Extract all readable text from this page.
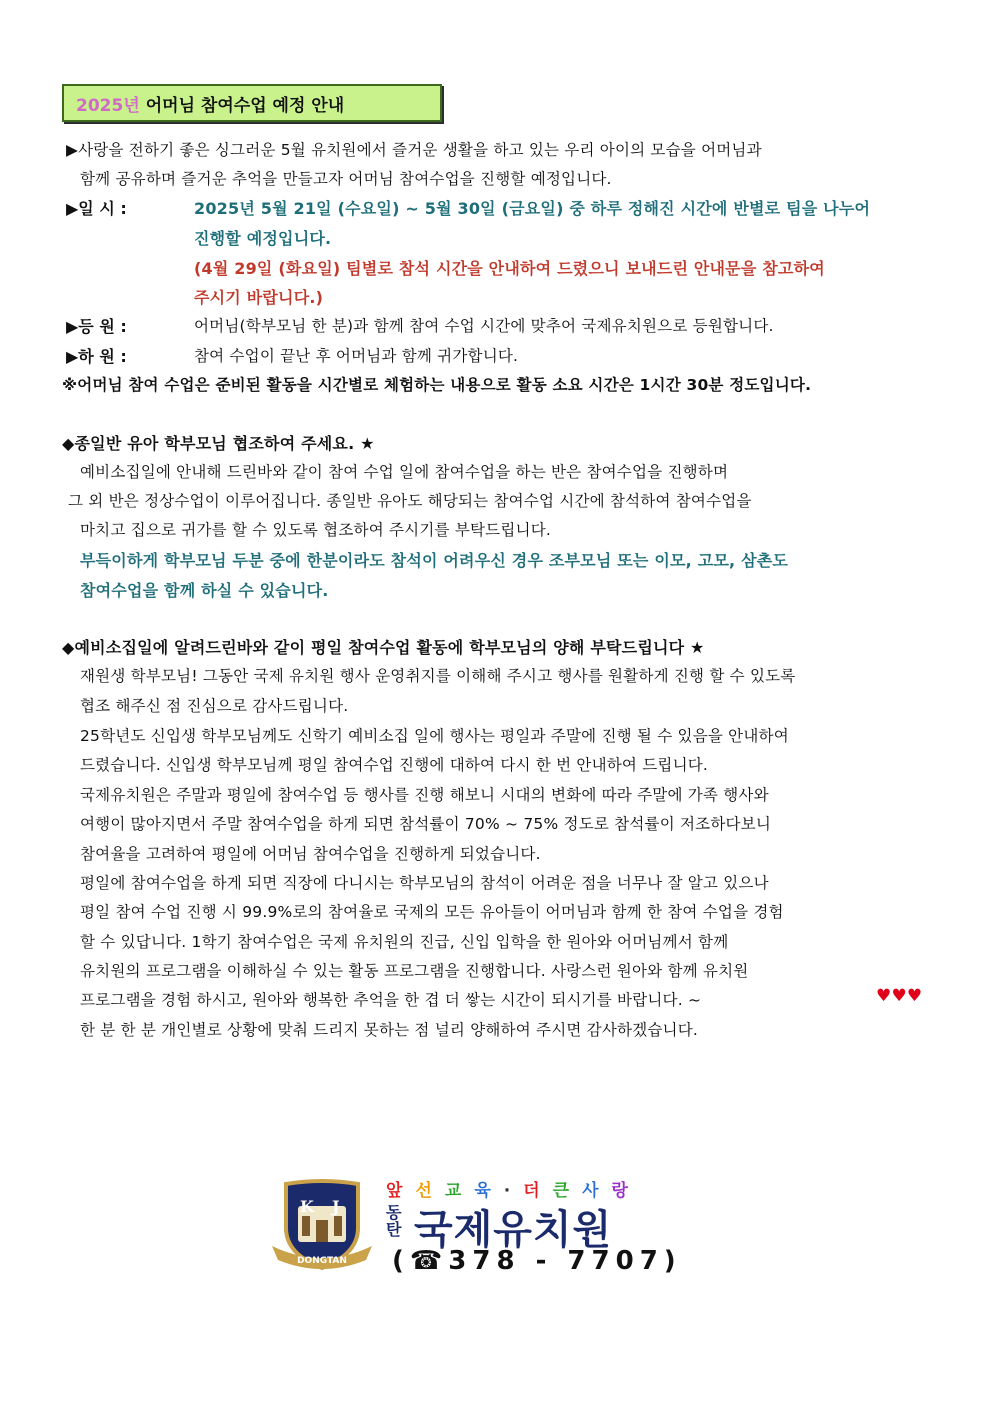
2025년 어머님 참여수업 예정 안내
▶사랑을 전하기 좋은 싱그러운 5월 유치원에서 즐거운 생활을 하고 있는 우리 아이의 모습을 어머님과
함께 공유하며 즐거운 추억을 만들고자 어머님 참여수업을 진행할 예정입니다.
▶일 시 :	2025년 5월 21일 (수요일) ~ 5월 30일 (금요일) 중 하루 정해진 시간에 반별로 팀을 나누어
진행할 예정입니다.
(4월 29일 (화요일) 팀별로 참석 시간을 안내하여 드렸으니 보내드린 안내문을 참고하여
주시기 바랍니다.)
▶등 원 :	어머님(학부모님 한 분)과 함께 참여 수업 시간에 맞추어 국제유치원으로 등원합니다.
▶하 원 :	참여 수업이 끝난 후 어머님과 함께 귀가합니다.
※어머님 참여 수업은 준비된 활동을 시간별로 체험하는 내용으로 활동 소요 시간은 1시간 30분 정도입니다.
◆종일반 유아 학부모님 협조하여 주세요. ★
예비소집일에 안내해 드린바와 같이 참여 수업 일에 참여수업을 하는 반은 참여수업을 진행하며
그 외 반은 정상수업이 이루어집니다. 종일반 유아도 해당되는 참여수업 시간에 참석하여 참여수업을
마치고 집으로 귀가를 할 수 있도록 협조하여 주시기를 부탁드립니다.
부득이하게 학부모님 두분 중에 한분이라도 참석이 어려우신 경우 조부모님 또는 이모, 고모, 삼촌도
참여수업을 함께 하실 수 있습니다.
◆예비소집일에 알려드린바와 같이 평일 참여수업 활동에 학부모님의 양해 부탁드립니다 ★
재원생 학부모님! 그동안 국제 유치원 행사 운영취지를 이해해 주시고 행사를 원활하게 진행 할 수 있도록
협조 해주신 점 진심으로 감사드립니다.
25학년도 신입생 학부모님께도 신학기 예비소집 일에 행사는 평일과 주말에 진행 될 수 있음을 안내하여
드렸습니다. 신입생 학부모님께 평일 참여수업 진행에 대하여 다시 한 번 안내하여 드립니다.
국제유치원은 주말과 평일에 참여수업 등 행사를 진행 해보니 시대의 변화에 따라 주말에 가족 행사와
여행이 많아지면서 주말 참여수업을 하게 되면 참석률이 70% ~ 75% 정도로 참석률이 저조하다보니
참여율을 고려하여 평일에 어머님 참여수업을 진행하게 되었습니다.
평일에 참여수업을 하게 되면 직장에 다니시는 학부모님의 참석이 어려운 점을 너무나 잘 알고 있으나
평일 참여 수업 진행 시 99.9%로의 참여율로 국제의 모든 유아들이 어머님과 함께 한 참여 수업을 경험
할 수 있답니다. 1학기 참여수업은 국제 유치원의 진급, 신입 입학을 한 원아와 어머님께서 함께
유치원의 프로그램을 이해하실 수 있는 활동 프로그램을 진행합니다. 사랑스런 원아와 함께 유치원
프로그램을 경험 하시고, 원아와 행복한 추억을 한 겹 더 쌓는 시간이 되시기를 바랍니다. ~	♥♥♥
한 분 한 분 개인별로 상황에 맞춰 드리지 못하는 점 널리 양해하여 주시면 감사하겠습니다.
K J
DONGTAN
앞선교육·더큰사랑
동
탄 국제유치원
(☎378 - 7707)
